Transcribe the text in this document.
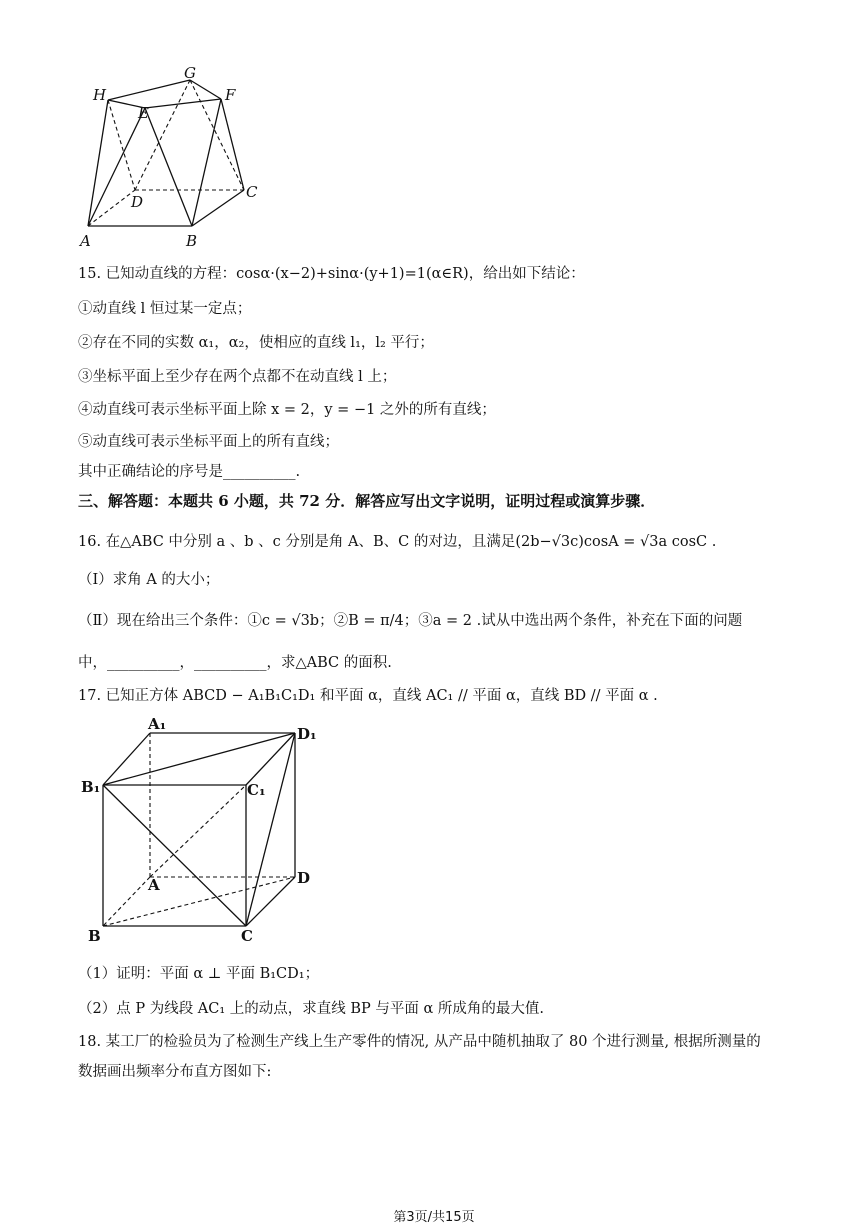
H
G
F
E
D
C
A	B
15. 已知动直线的方程：cosα·(x−2)+sinα·(y+1)=1(α∈R)，给出如下结论：
①动直线 l 恒过某一定点；
②存在不同的实数 α₁，α₂，使相应的直线 l₁，l₂ 平行；
③坐标平面上至少存在两个点都不在动直线 l 上；
④动直线可表示坐标平面上除 x = 2，y = −1 之外的所有直线；
⑤动直线可表示坐标平面上的所有直线；
其中正确结论的序号是__________.
三、解答题：本题共 6 小题，共 72 分．解答应写出文字说明，证明过程或演算步骤．
16. 在△ABC 中分别 a 、b 、c 分别是角 A、B、C 的对边，且满足(2b−√3c)cosA = √3a cosC .
（Ⅰ）求角 A 的大小；
（Ⅱ）现在给出三个条件：①c = √3b；②B = π/4；③a = 2 .试从中选出两个条件，补充在下面的问题
中，__________，__________，求△ABC 的面积.
17. 已知正方体 ABCD − A₁B₁C₁D₁ 和平面 α，直线 AC₁ // 平面 α，直线 BD // 平面 α .
A₁
D₁
B₁	C₁
A	D
B	C
（1）证明：平面 α ⊥ 平面 B₁CD₁；
（2）点 P 为线段 AC₁ 上的动点，求直线 BP 与平面 α 所成角的最大值.
18. 某工厂的检验员为了检测生产线上生产零件的情况, 从产品中随机抽取了 80 个进行测量, 根据所测量的
数据画出频率分布直方图如下:
第3页/共15页
